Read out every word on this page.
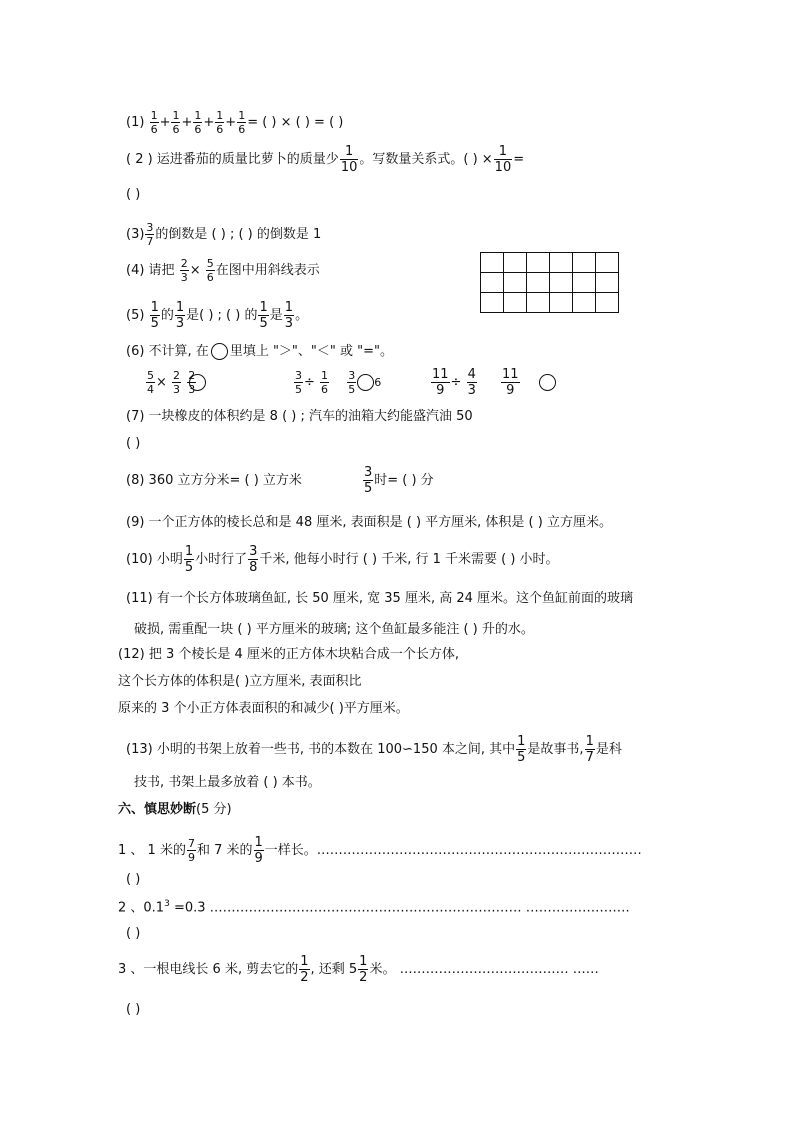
$(1) \frac{1}{6} + \frac{1}{6} + \frac{1}{6} + \frac{1}{6} + \frac{1}{6}$ = ( ) × ( ) = ( )
( 2 ) 运进番茄的质量比萝卜的质量少 $\frac{1}{10}$ 。写数量关系式。( ) × $\frac{1}{10}$ =
( )
$(3) \frac{3}{7}$ 的倒数是 ( ) ; ( ) 的倒数是 1
(4) 请把 $\frac{2}{3} \times \frac{5}{6}$ 在图中用斜线表示

$(5) \frac{1}{5}$ 的 $\frac{1}{3}$ 是( ) ; ( ) 的 $\frac{1}{5}$ 是 $\frac{1}{3}$ 。
(6) 不计算, 在 里填上 "＞"、"＜" 或 "="。
$\frac{5}{4} \times \frac{2}{3}$
$\frac{2}{3}$	$\frac{3}{5} \div \frac{1}{6}$
$\frac{3}{5} 6$	$\frac{11}{9} \div \frac{4}{3}$
$\frac{11}{9}$

(7) 一块橡皮的体积约是 8 ( ) ; 汽车的油箱大约能盛汽油 50
( )
(8) 360 立方分米= ( ) 立方米	$\frac{3}{5}$ 时= ( ) 分
(9) 一个正方体的棱长总和是 48 厘米, 表面积是 ( ) 平方厘米, 体积是 ( ) 立方厘米。
(10) 小明 $\frac{1}{5}$ 小时行了 $\frac{3}{8}$ 千米, 他每小时行 ( ) 千米, 行 1 千米需要 ( ) 小时。
(11) 有一个长方体玻璃鱼缸, 长 50 厘米, 宽 35 厘米, 高 24 厘米。这个鱼缸前面的玻璃
破损, 需重配一块 ( ) 平方厘米的玻璃; 这个鱼缸最多能注 ( ) 升的水。
(12) 把 3 个棱长是 4 厘米的正方体木块粘合成一个长方体,
这个长方体的体积是( )立方厘米, 表面积比
原来的 3 个小正方体表面积的和减少( )平方厘米。
(13) 小明的书架上放着一些书, 书的本数在 100∽150 本之间, 其中 $\frac{1}{5}$ 是故事书, $\frac{1}{7}$ 是科
技书, 书架上最多放着 ( ) 本书。
六、慎思妙断(5 分)
1 、 1 米的 $\frac{7}{9}$ 和 7 米的 $\frac{1}{9}$ 一样长。…………………………………………………………………
( )
2 、$0.1^3 =0.3$ ……………………………………………………………… ……………………
( )
3 、一根电线长 6 米, 剪去它的 $\frac{1}{2}$ , 还剩 $5 \frac{1}{2}$ 米。 ………………………………… ……
( )
